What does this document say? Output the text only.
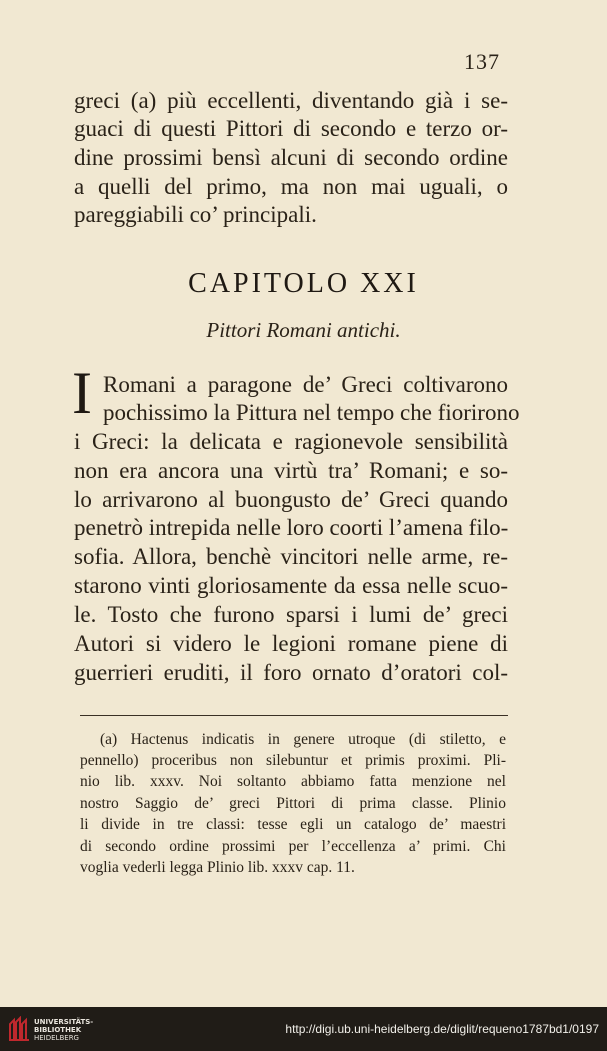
137
greci (a) più eccellenti, diventando già i se-
guaci di questi Pittori di secondo e terzo or-
dine prossimi bensì alcuni di secondo ordine
a quelli del primo, ma non mai uguali, o
pareggiabili co’ principali.
CAPITOLO XXI
Pittori Romani antichi.
I Romani a paragone de’ Greci coltivarono
pochissimo la Pittura nel tempo che fiorirono
i Greci: la delicata e ragionevole sensibilità
non era ancora una virtù tra’ Romani; e so-
lo arrivarono al buongusto de’ Greci quando
penetrò intrepida nelle loro coorti l’amena filo-
sofia. Allora, benchè vincitori nelle arme, re-
starono vinti gloriosamente da essa nelle scuo-
le. Tosto che furono sparsi i lumi de’ greci
Autori si videro le legioni romane piene di
guerrieri eruditi, il foro ornato d’oratori col-
(a) Hactenus indicatis in genere utroque (di stiletto, e
pennello) proceribus non silebuntur et primis proximi. Pli-
nio lib. xxxv. Noi soltanto abbiamo fatta menzione nel
nostro Saggio de’ greci Pittori di prima classe. Plinio
li divide in tre classi: tesse egli un catalogo de’ maestri
di secondo ordine prossimi per l’eccellenza a’ primi. Chi
voglia vederli legga Plinio lib. xxxv cap. 11.
UNIVERSITÄTS-
BIBLIOTHEK
HEIDELBERG
http://digi.ub.uni-heidelberg.de/diglit/requeno1787bd1/0197
